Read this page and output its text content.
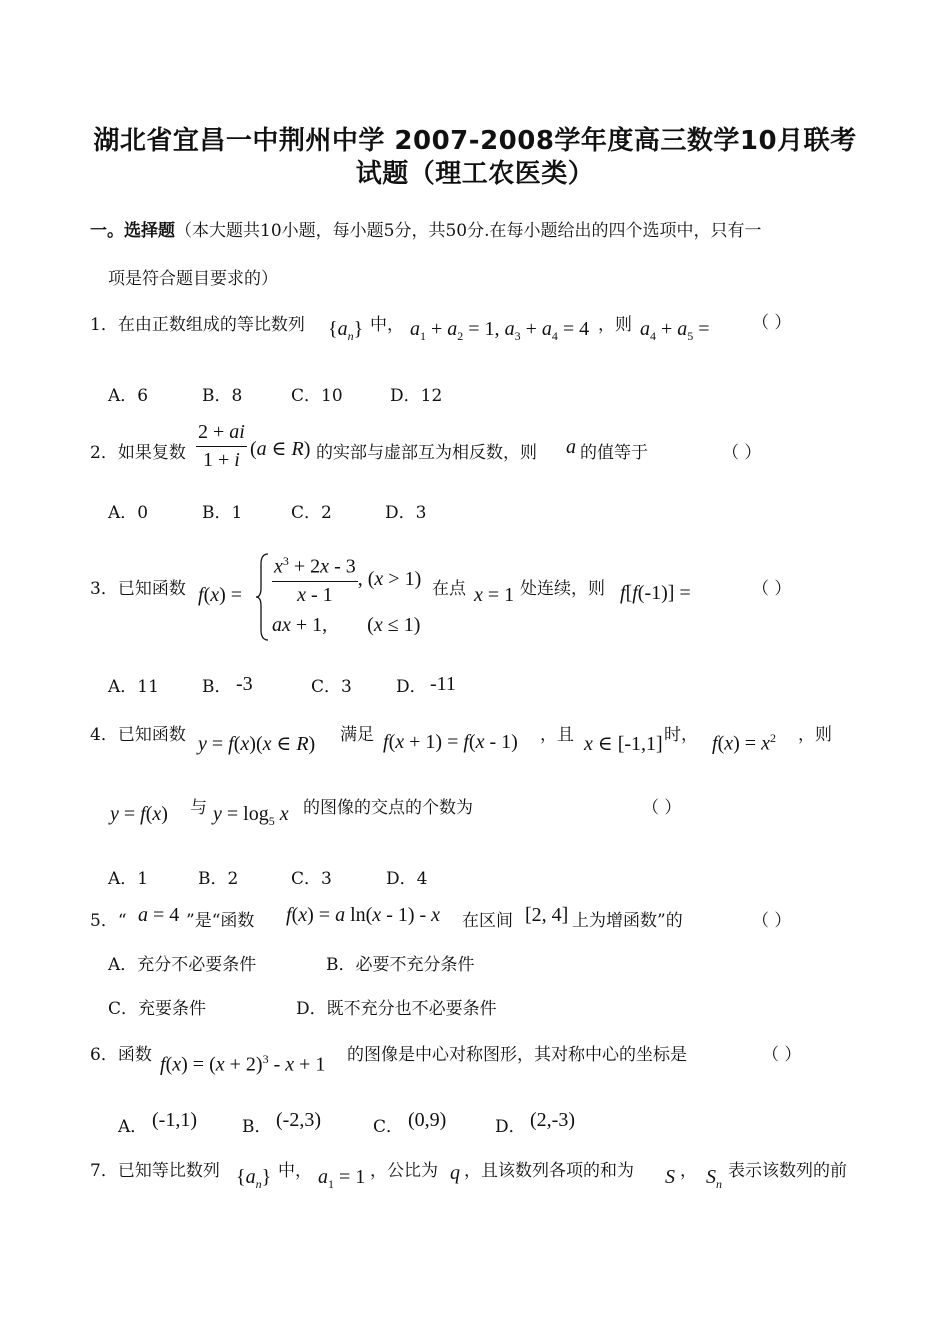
湖北省宜昌一中荆州中学 2007-2008学年度高三数学10月联考
试题（理工农医类）
一。选择题（本大题共10小题，每小题5分，共50分.在每小题给出的四个选项中，只有一
项是符合题目要求的）
1．在由正数组成的等比数列 $\{a_n\}$ 中， $a_1 + a_2 = 1$, $a_3 + a_4 = 4$ ，则 $a_4 + a_5$ = （ ）
A．6	B．8	C．10	D．12
2．如果复数 $\frac{2 + ai}{1 + i} (a$ ∈ R) 的实部与虚部互为相反数，则 a 的值等于	（ ）
A．0	B．1	C．2	D．3
3．已知函数 $f(x) = \frac{x^3 + 2x - 3}{x - 1}$ , (x > 1)
ax + 1,        (x ≤ 1)
在点 x = 1 处连续，则 f[f(-1)] =	（ ）
A．11	B． -3	C．3	D． -11
4．已知函数 y = f(x)(x ∈ R) 满足 f(x + 1) = f(x - 1) ，且 x ∈ [-1,1] 时， $f(x) = x^2$ ，则
y = f(x) 与 $y = \log_5 x$ 的图像的交点的个数为	（ ）
A．1	B．2	C．3	D．4
5．“ a = 4 ”是“函数 f(x) = a ln(x - 1) - x 在区间 [2, 4] 上为增函数”的	（ ）
A．充分不必要条件	B．必要不充分条件
C．充要条件	D．既不充分也不必要条件
6．函数 $f(x) = (x + 2)^3 - x + 1$ 的图像是中心对称图形，其对称中心的坐标是	（ ）
A． (-1,1)	B． (-2,3)	C． (0,9)	D． (2,-3)
7．已知等比数列 $\{a_n\}$ 中， $a_1 = 1$ ，公比为 q ，且该数列各项的和为 S ， $S_n$
表示该数列的前
